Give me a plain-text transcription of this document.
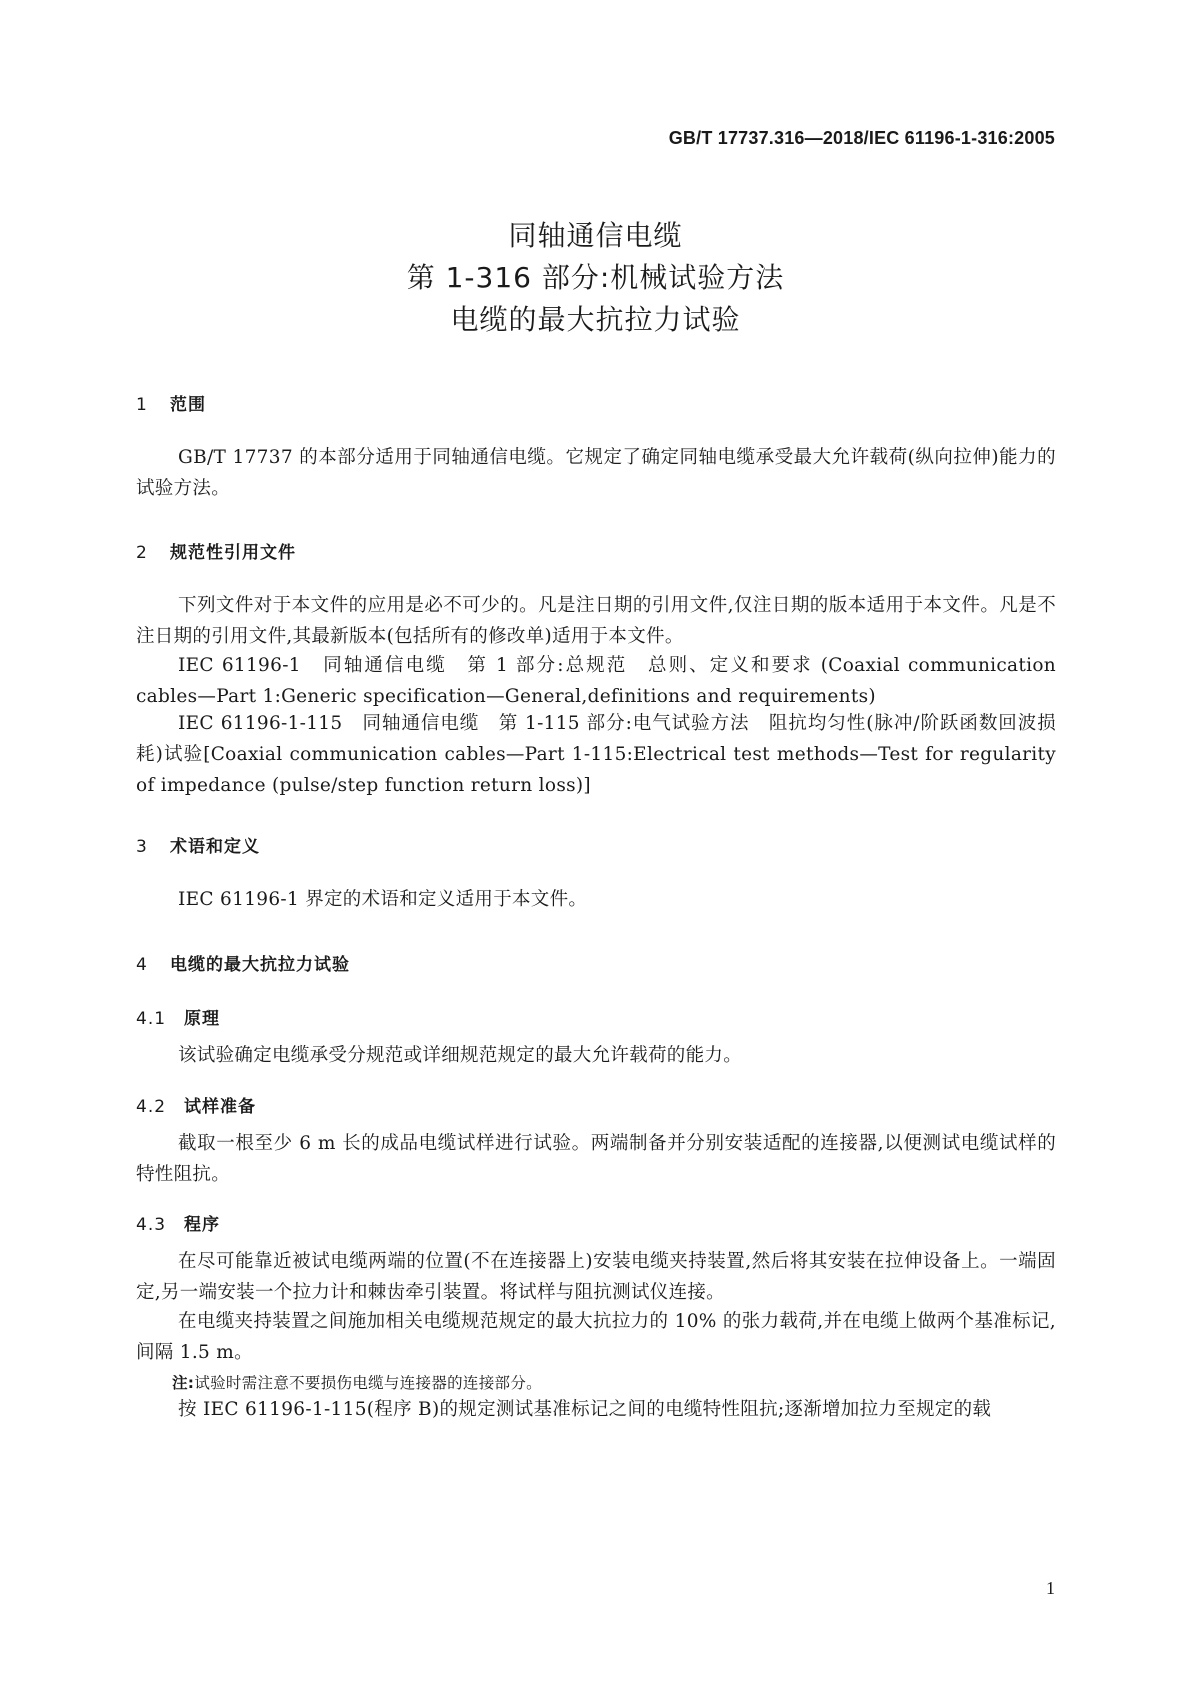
GB/T 17737.316—2018/IEC 61196-1-316:2005
同轴通信电缆
第 1-316 部分:机械试验方法
电缆的最大抗拉力试验
1 范围
GB/T 17737 的本部分适用于同轴通信电缆。它规定了确定同轴电缆承受最大允许载荷(纵向拉伸)能力的试验方法。
2 规范性引用文件
下列文件对于本文件的应用是必不可少的。凡是注日期的引用文件,仅注日期的版本适用于本文件。凡是不注日期的引用文件,其最新版本(包括所有的修改单)适用于本文件。
IEC 61196-1　同轴通信电缆　第 1 部分:总规范　总则、定义和要求 (Coaxial communication cables—Part 1:Generic specification—General,definitions and requirements)
IEC 61196-1-115　同轴通信电缆　第 1-115 部分:电气试验方法　阻抗均匀性(脉冲/阶跃函数回波损耗)试验[Coaxial communication cables—Part 1-115:Electrical test methods—Test for regularity of impedance (pulse/step function return loss)]
3 术语和定义
IEC 61196-1 界定的术语和定义适用于本文件。
4 电缆的最大抗拉力试验
4.1 原理
该试验确定电缆承受分规范或详细规范规定的最大允许载荷的能力。
4.2 试样准备
截取一根至少 6 m 长的成品电缆试样进行试验。两端制备并分别安装适配的连接器,以便测试电缆试样的特性阻抗。
4.3 程序
在尽可能靠近被试电缆两端的位置(不在连接器上)安装电缆夹持装置,然后将其安装在拉伸设备上。一端固定,另一端安装一个拉力计和棘齿牵引装置。将试样与阻抗测试仪连接。
在电缆夹持装置之间施加相关电缆规范规定的最大抗拉力的 10% 的张力载荷,并在电缆上做两个基准标记,间隔 1.5 m。
注:试验时需注意不要损伤电缆与连接器的连接部分。
按 IEC 61196-1-115(程序 B)的规定测试基准标记之间的电缆特性阻抗;逐渐增加拉力至规定的载
1
